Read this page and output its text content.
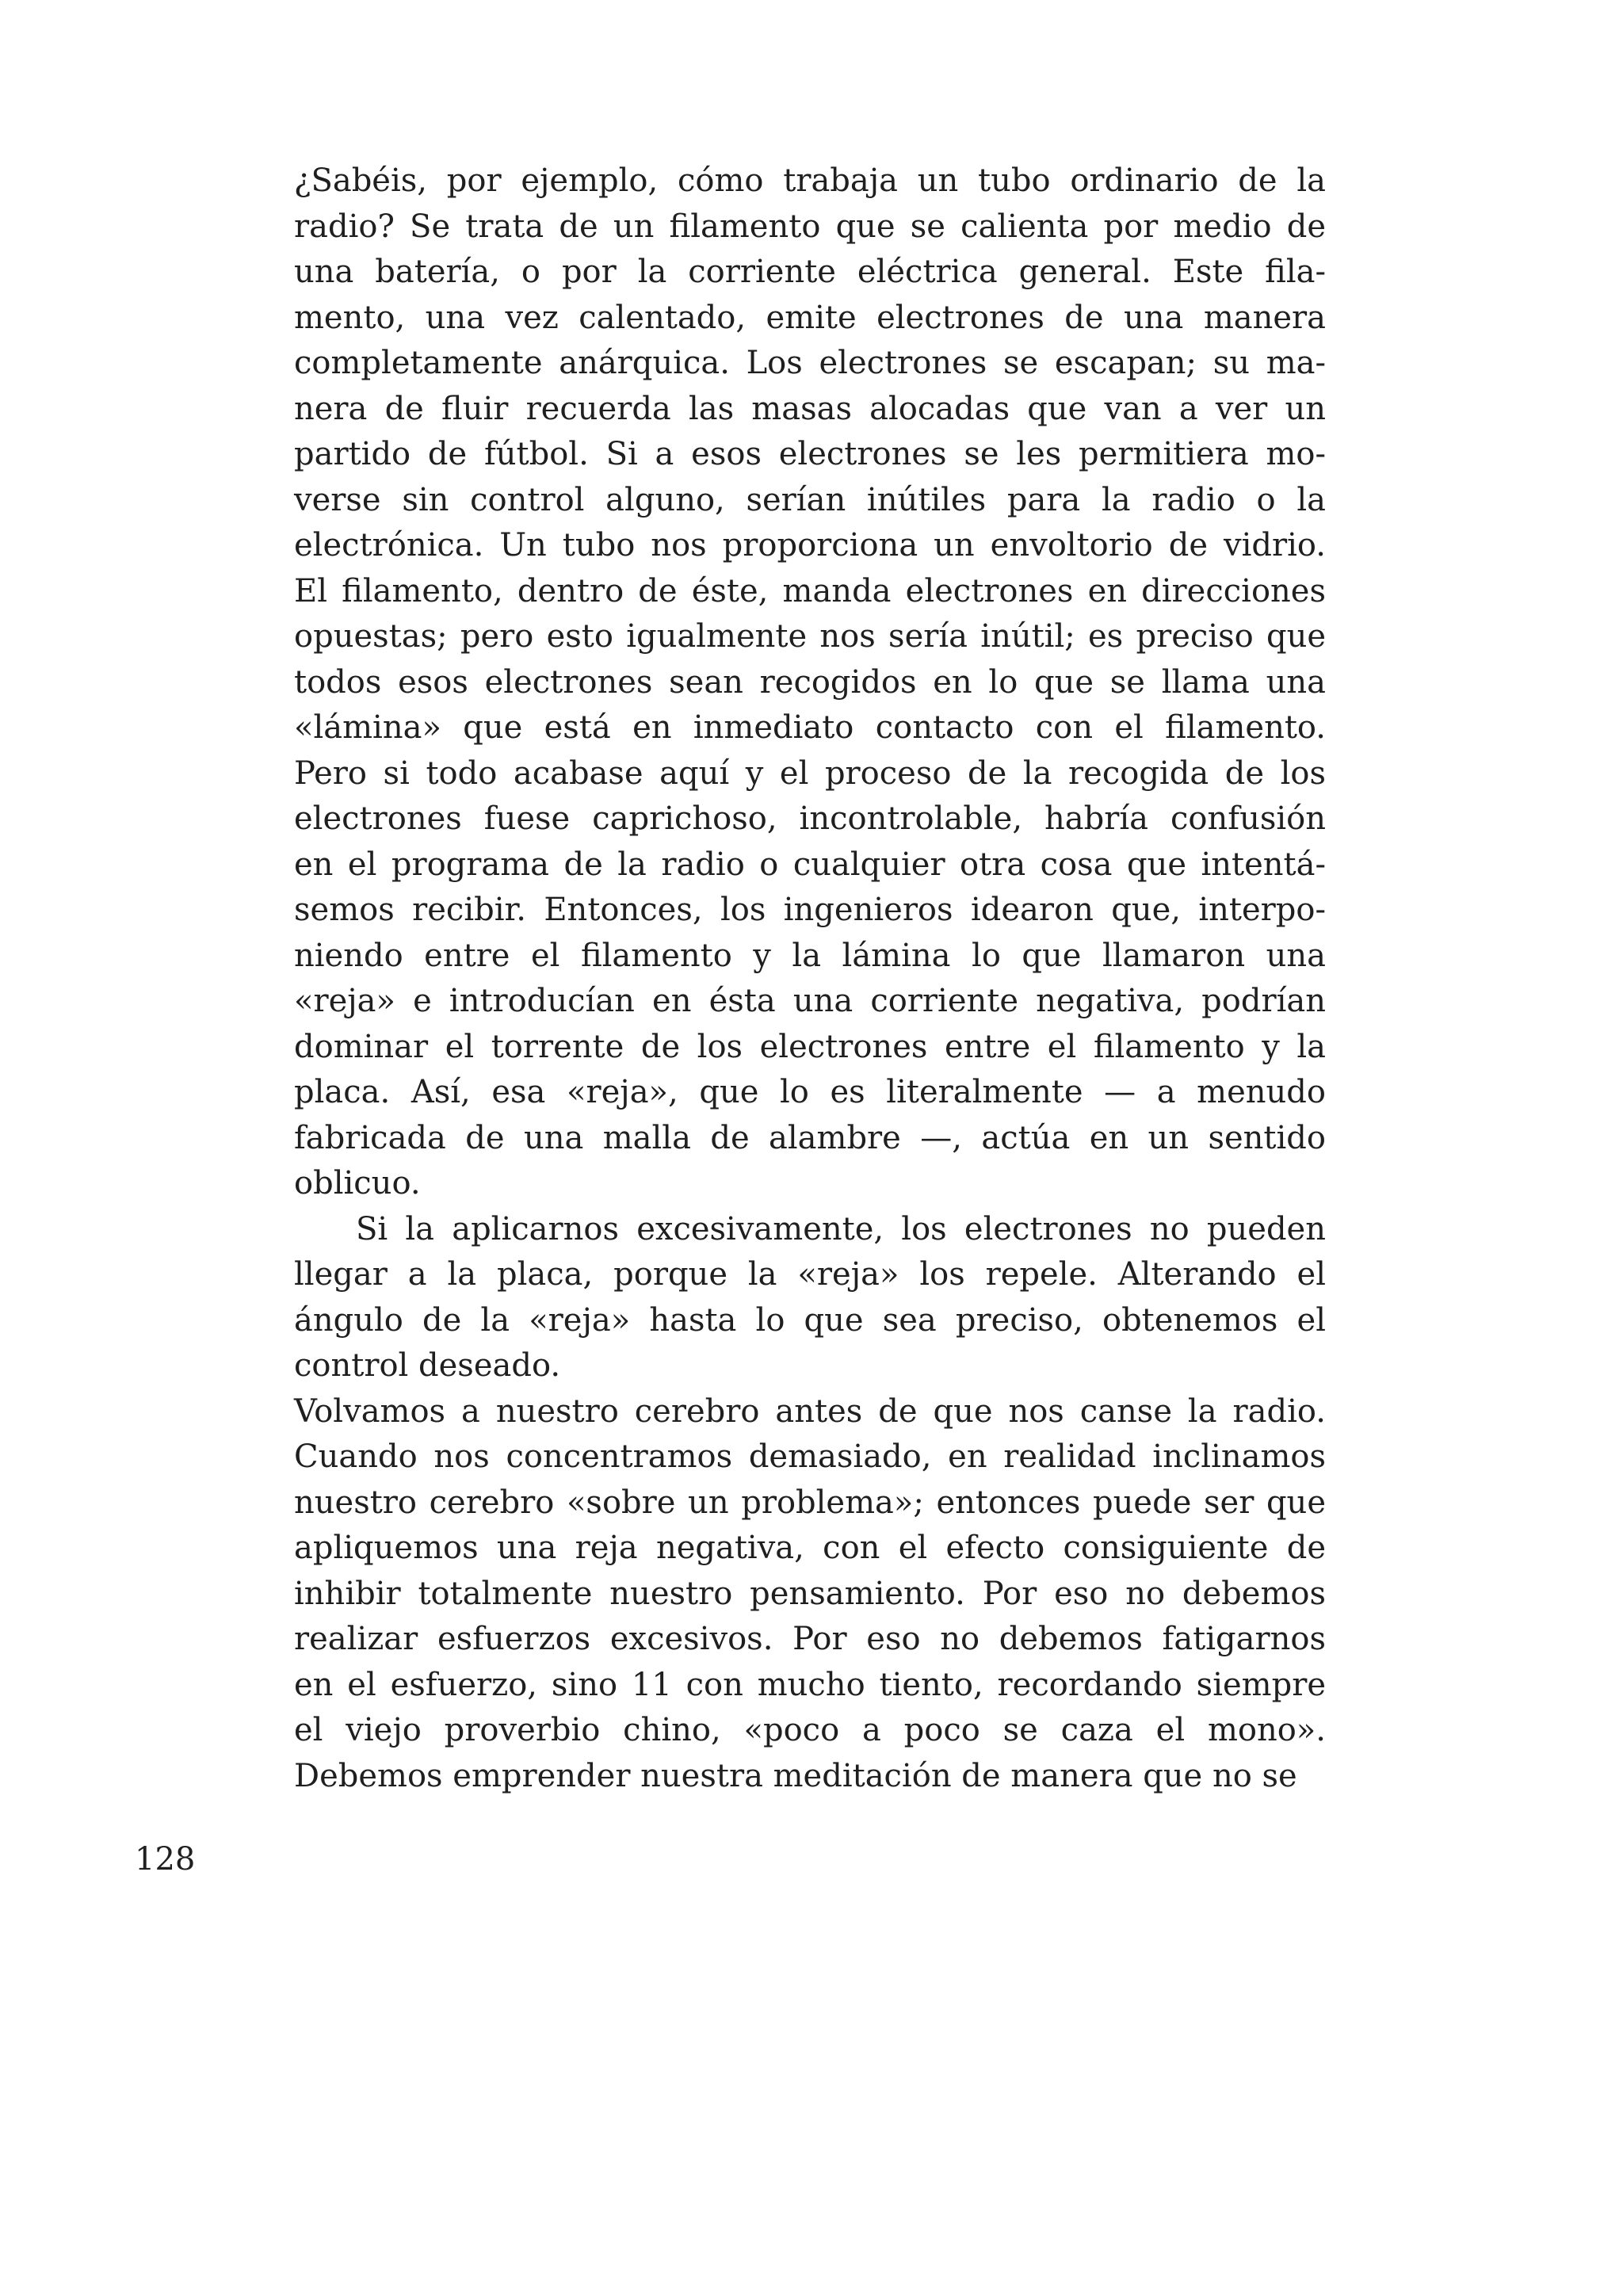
¿Sabéis, por ejemplo, cómo trabaja un tubo ordinario de la
radio? Se trata de un filamento que se calienta por medio de
una batería, o por la corriente eléctrica general. Este fila-
mento, una vez calentado, emite electrones de una manera
completamente anárquica. Los electrones se escapan; su ma-
nera de fluir recuerda las masas alocadas que van a ver un
partido de fútbol. Si a esos electrones se les permitiera mo-
verse sin control alguno, serían inútiles para la radio o la
electrónica. Un tubo nos proporciona un envoltorio de vidrio.
El filamento, dentro de éste, manda electrones en direcciones
opuestas; pero esto igualmente nos sería inútil; es preciso que
todos esos electrones sean recogidos en lo que se llama una
«lámina» que está en inmediato contacto con el filamento.
Pero si todo acabase aquí y el proceso de la recogida de los
electrones fuese caprichoso, incontrolable, habría confusión
en el programa de la radio o cualquier otra cosa que intentá-
semos recibir. Entonces, los ingenieros idearon que, interpo-
niendo entre el filamento y la lámina lo que llamaron una
«reja» e introducían en ésta una corriente negativa, podrían
dominar el torrente de los electrones entre el filamento y la
placa. Así, esa «reja», que lo es literalmente — a menudo
fabricada de una malla de alambre —, actúa en un sentido
oblicuo.
Si la aplicarnos excesivamente, los electrones no pueden
llegar a la placa, porque la «reja» los repele. Alterando el
ángulo de la «reja» hasta lo que sea preciso, obtenemos el
control deseado.
Volvamos a nuestro cerebro antes de que nos canse la radio.
Cuando nos concentramos demasiado, en realidad inclinamos
nuestro cerebro «sobre un problema»; entonces puede ser que
apliquemos una reja negativa, con el efecto consiguiente de
inhibir totalmente nuestro pensamiento. Por eso no debemos
realizar esfuerzos excesivos. Por eso no debemos fatigarnos
en el esfuerzo, sino 11 con mucho tiento, recordando siempre
el viejo proverbio chino, «poco a poco se caza el mono».
Debemos emprender nuestra meditación de manera que no se
128
